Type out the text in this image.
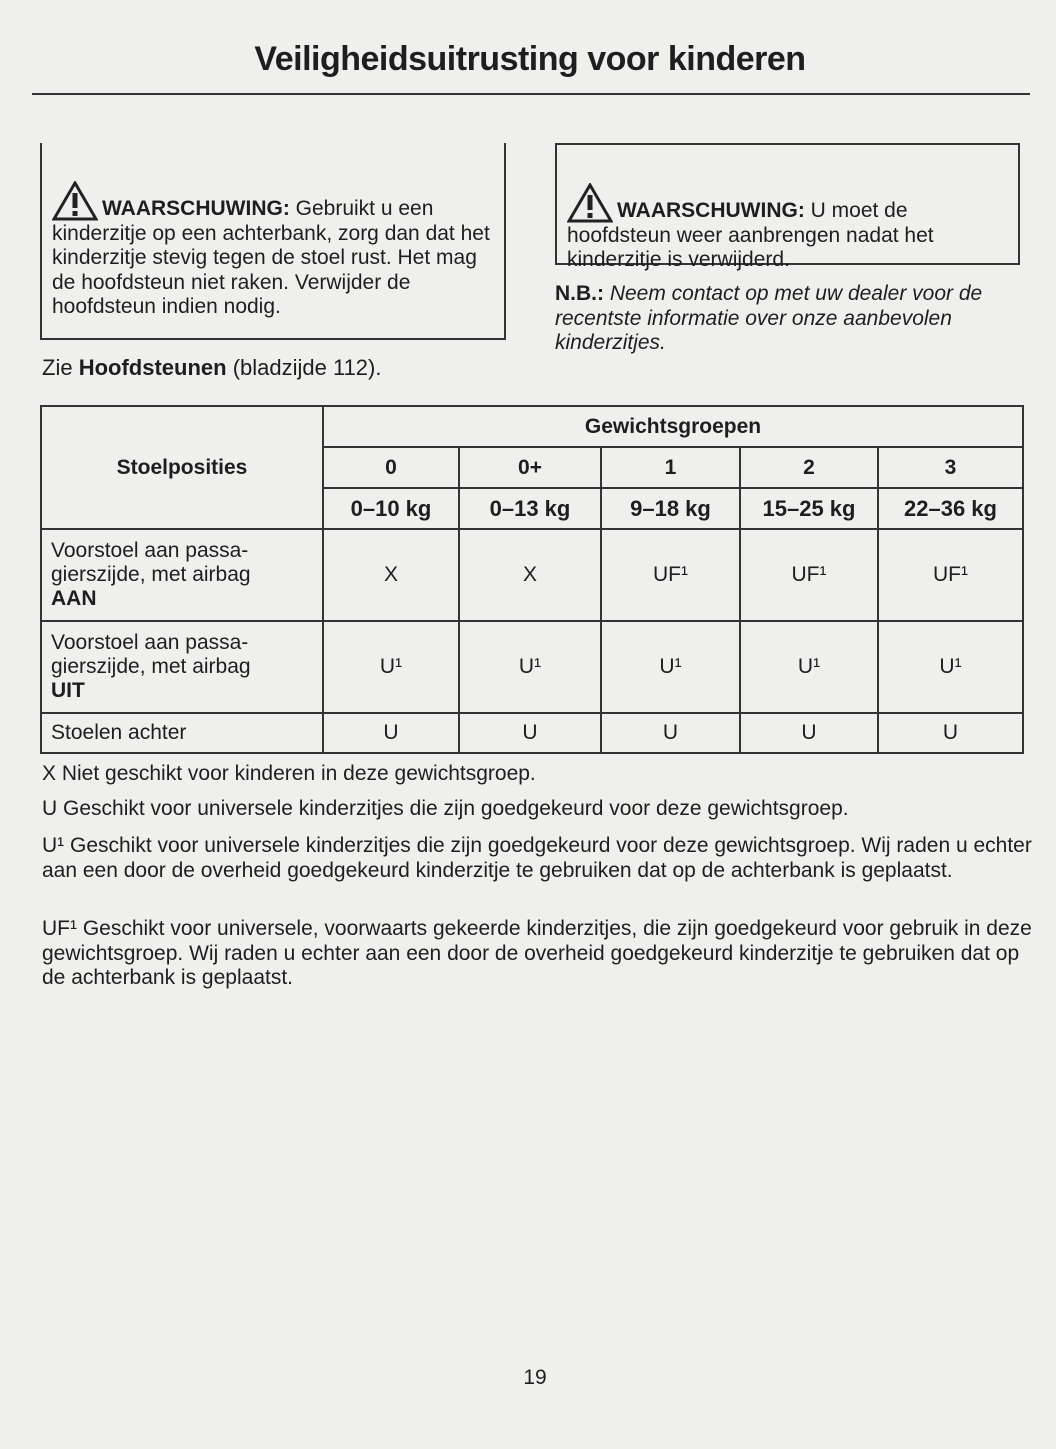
Veiligheidsuitrusting voor kinderen
WAARSCHUWING: Gebruikt u een kinderzitje op een achterbank, zorg dan dat het kinderzitje stevig tegen de stoel rust. Het mag de hoofdsteun niet raken. Verwijder de hoofdsteun indien nodig.
WAARSCHUWING: U moet de hoofdsteun weer aanbrengen nadat het kinderzitje is verwijderd.
N.B.: Neem contact op met uw dealer voor de recentste informatie over onze aanbevolen kinderzitjes.
Zie Hoofdsteunen (bladzijde 112).
Stoelposities	Gewichtsgroepen				
	0	0+	1	2	3
	0–10 kg	0–13 kg	9–18 kg	15–25 kg	22–36 kg
Voorstoel aan passa-gierszijde, met airbag
AAN	X	X	UF¹	UF¹	UF¹
Voorstoel aan passa-gierszijde, met airbag
UIT	U¹	U¹	U¹	U¹	U¹
Stoelen achter	U	U	U	U	U
X Niet geschikt voor kinderen in deze gewichtsgroep.
U Geschikt voor universele kinderzitjes die zijn goedgekeurd voor deze gewichtsgroep.
U¹ Geschikt voor universele kinderzitjes die zijn goedgekeurd voor deze gewichtsgroep. Wij raden u echter aan een door de overheid goedgekeurd kinderzitje te gebruiken dat op de achterbank is geplaatst.
UF¹ Geschikt voor universele, voorwaarts gekeerde kinderzitjes, die zijn goedgekeurd voor gebruik in deze gewichtsgroep. Wij raden u echter aan een door de overheid goedgekeurd kinderzitje te gebruiken dat op de achterbank is geplaatst.
19
